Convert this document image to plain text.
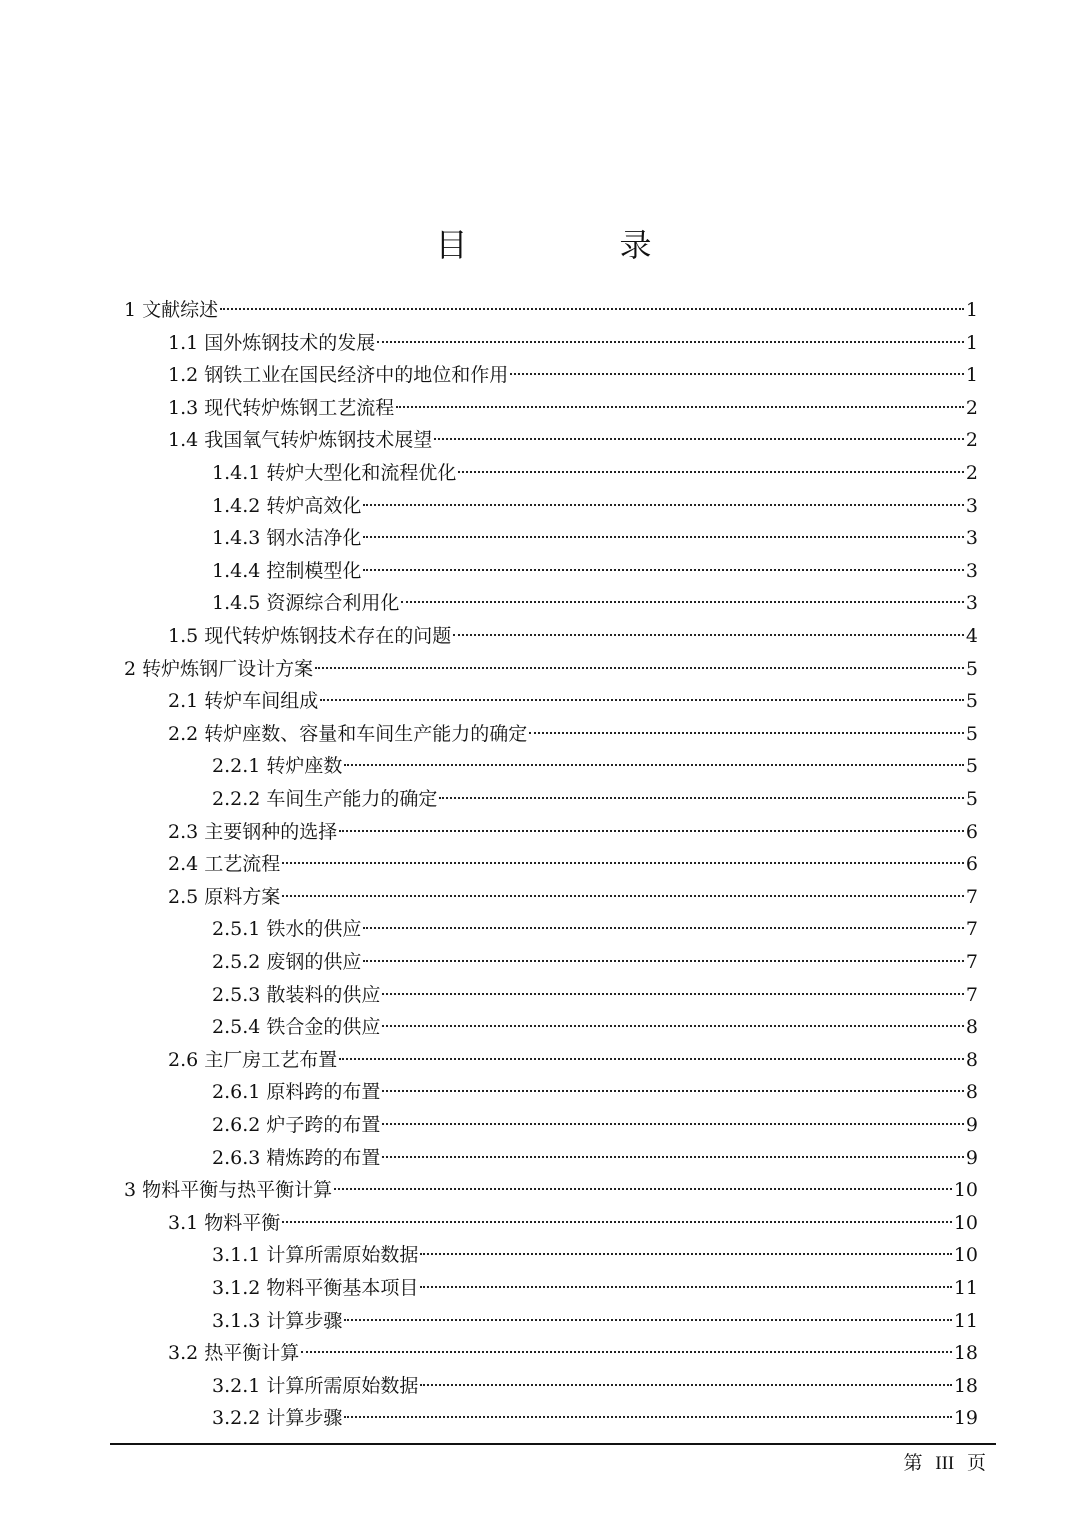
目　录
1 文献综述	1
1.1 国外炼钢技术的发展	1
1.2 钢铁工业在国民经济中的地位和作用	1
1.3 现代转炉炼钢工艺流程	2
1.4 我国氧气转炉炼钢技术展望	2
1.4.1 转炉大型化和流程优化	2
1.4.2 转炉高效化	3
1.4.3 钢水洁净化	3
1.4.4 控制模型化	3
1.4.5 资源综合利用化	3
1.5 现代转炉炼钢技术存在的问题	4
2 转炉炼钢厂设计方案	5
2.1 转炉车间组成	5
2.2 转炉座数、容量和车间生产能力的确定	5
2.2.1 转炉座数	5
2.2.2 车间生产能力的确定	5
2.3 主要钢种的选择	6
2.4 工艺流程	6
2.5 原料方案	7
2.5.1 铁水的供应	7
2.5.2 废钢的供应	7
2.5.3 散装料的供应	7
2.5.4 铁合金的供应	8
2.6 主厂房工艺布置	8
2.6.1 原料跨的布置	8
2.6.2 炉子跨的布置	9
2.6.3 精炼跨的布置	9
3 物料平衡与热平衡计算	10
3.1 物料平衡	10
3.1.1 计算所需原始数据	10
3.1.2 物料平衡基本项目	11
3.1.3 计算步骤	11
3.2 热平衡计算	18
3.2.1 计算所需原始数据	18
3.2.2 计算步骤	19
第 III 页
